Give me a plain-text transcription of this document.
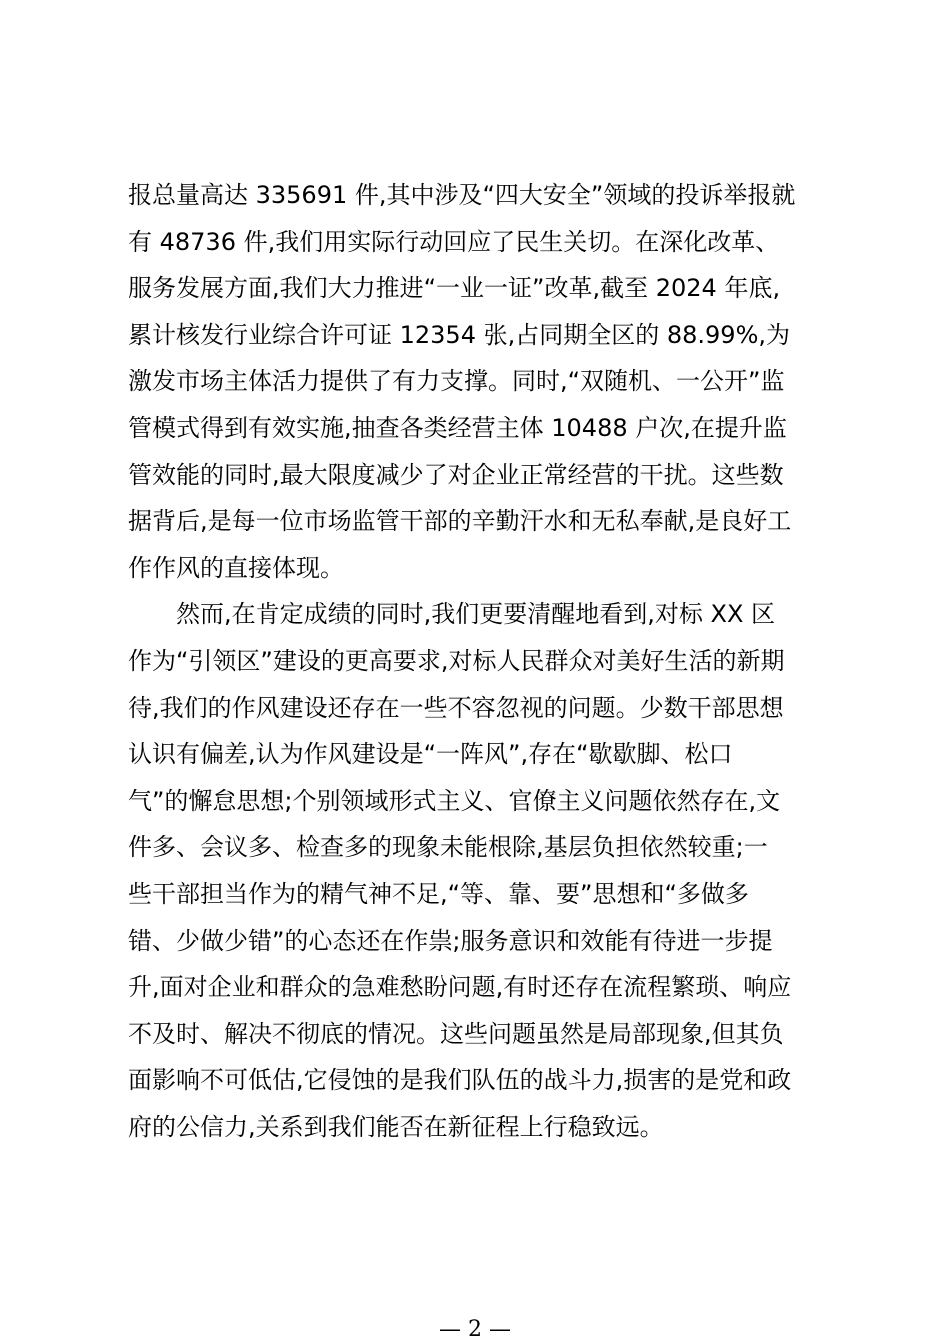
报总量高达 335691 件,其中涉及“四大安全”领域的投诉举报就
有 48736 件,我们用实际行动回应了民生关切。在深化改革、
服务发展方面,我们大力推进“一业一证”改革,截至 2024 年底,
累计核发行业综合许可证 12354 张,占同期全区的 88.99%,为
激发市场主体活力提供了有力支撑。同时,“双随机、一公开”监
管模式得到有效实施,抽查各类经营主体 10488 户次,在提升监
管效能的同时,最大限度减少了对企业正常经营的干扰。这些数
据背后,是每一位市场监管干部的辛勤汗水和无私奉献,是良好工
作作风的直接体现。
　　然而,在肯定成绩的同时,我们更要清醒地看到,对标 XX 区
作为“引领区”建设的更高要求,对标人民群众对美好生活的新期
待,我们的作风建设还存在一些不容忽视的问题。少数干部思想
认识有偏差,认为作风建设是“一阵风”,存在“歇歇脚、松口
气”的懈怠思想;个别领域形式主义、官僚主义问题依然存在,文
件多、会议多、检查多的现象未能根除,基层负担依然较重;一
些干部担当作为的精气神不足,“等、靠、要”思想和“多做多
错、少做少错”的心态还在作祟;服务意识和效能有待进一步提
升,面对企业和群众的急难愁盼问题,有时还存在流程繁琐、响应
不及时、解决不彻底的情况。这些问题虽然是局部现象,但其负
面影响不可低估,它侵蚀的是我们队伍的战斗力,损害的是党和政
府的公信力,关系到我们能否在新征程上行稳致远。
— 2 —
